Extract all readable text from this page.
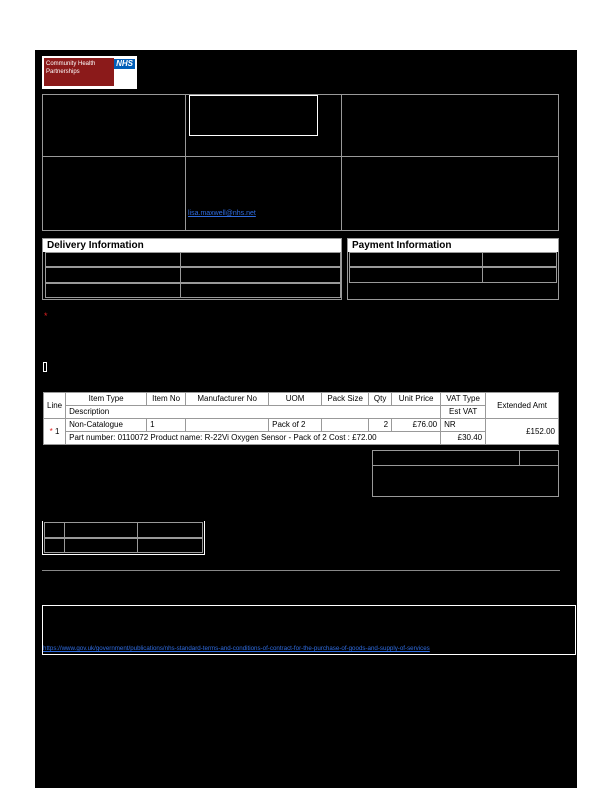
Community Health Partnerships
NHS
lisa.maxwell@nhs.net
Delivery Information	Payment Information
*
Line	Item Type	Item No	Manufacturer No	UOM	Pack Size	Qty	Unit Price	VAT Type	Extended Amt
	Description							Est VAT	
* 1	Non-Catalogue	1		Pack of 2		2	£76.00	NR	£152.00
	Part number: 0110072 Product name: R-22Vi Oxygen Sensor - Pack of 2 Cost : £72.00							£30.40	
https://www.gov.uk/government/publications/nhs-standard-terms-and-conditions-of-contract-for-the-purchase-of-goods-and-supply-of-services
